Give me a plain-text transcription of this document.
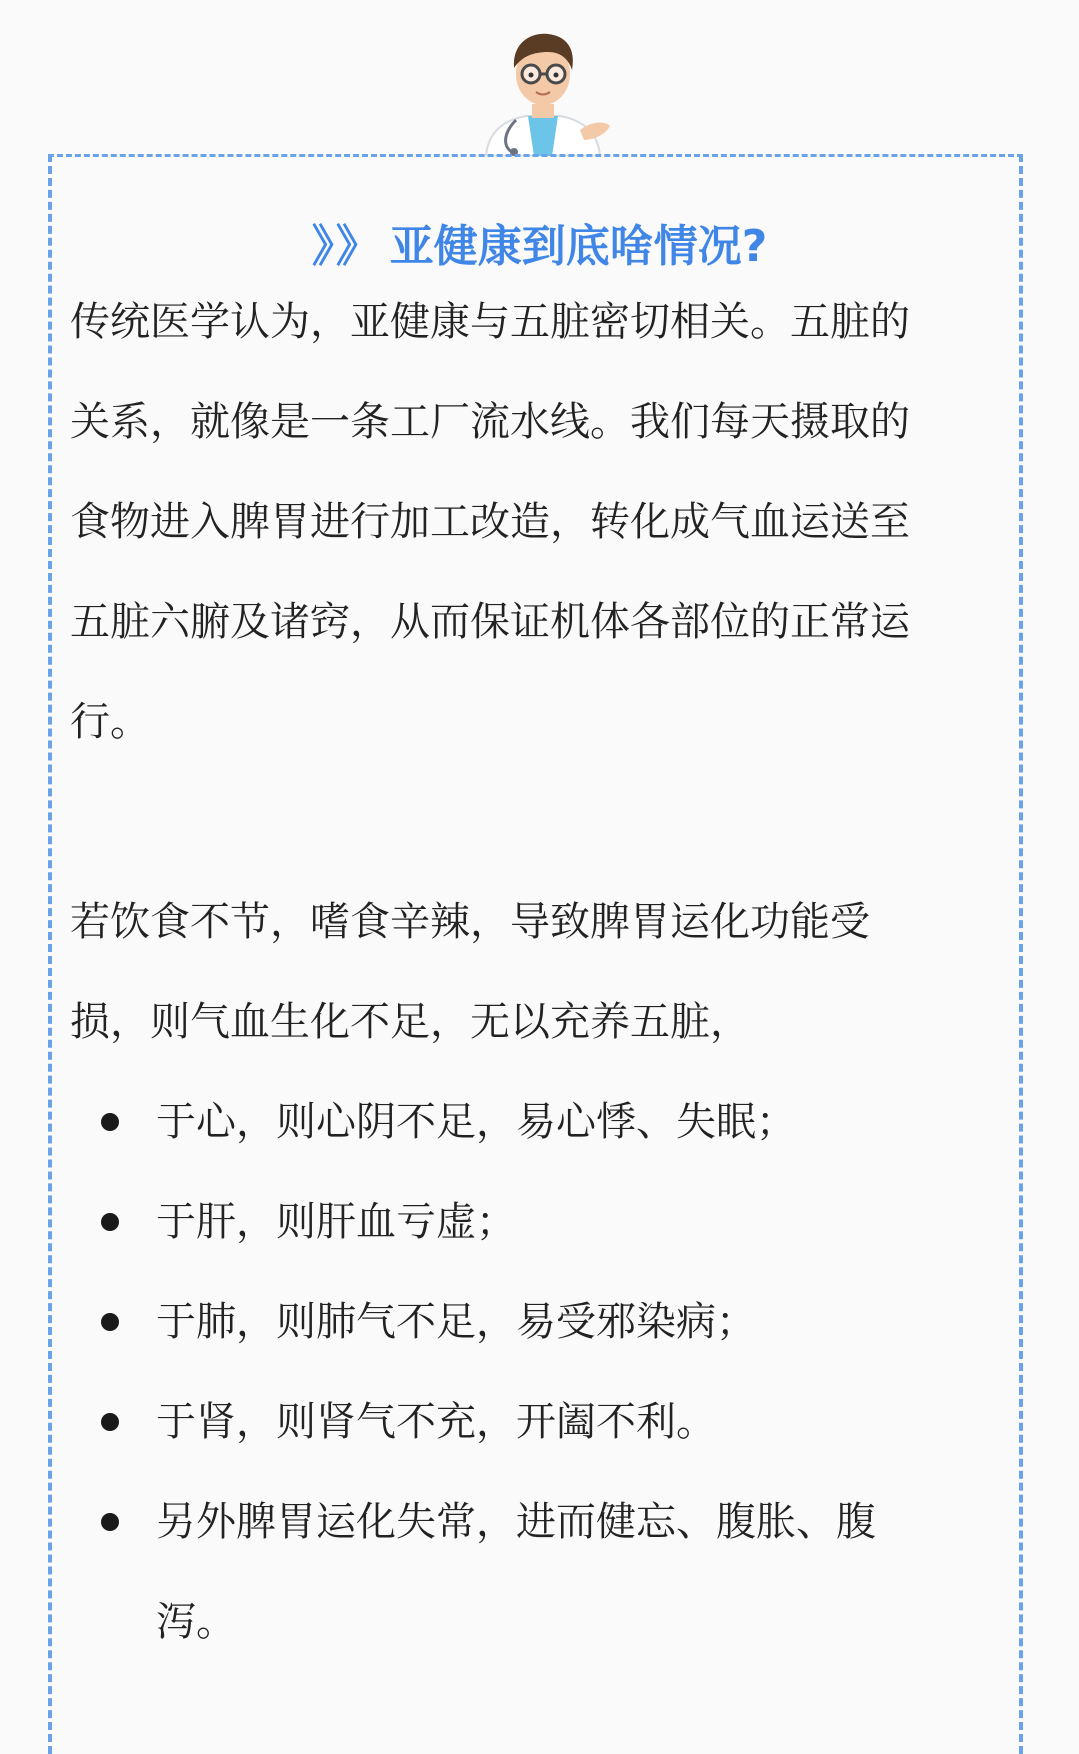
》》 亚健康到底啥情况?

传统医学认为，亚健康与五脏密切相关。五脏的
关系，就像是一条工厂流水线。我们每天摄取的
食物进入脾胃进行加工改造，转化成气血运送至
五脏六腑及诸窍，从而保证机体各部位的正常运
行。

若饮食不节，嗜食辛辣，导致脾胃运化功能受
损，则气血生化不足，无以充养五脏，

于心，则心阴不足，易心悸、失眠；
于肝，则肝血亏虚；
于肺，则肺气不足，易受邪染病；
于肾，则肾气不充，开阖不利。
另外脾胃运化失常，进而健忘、腹胀、腹
泻。
